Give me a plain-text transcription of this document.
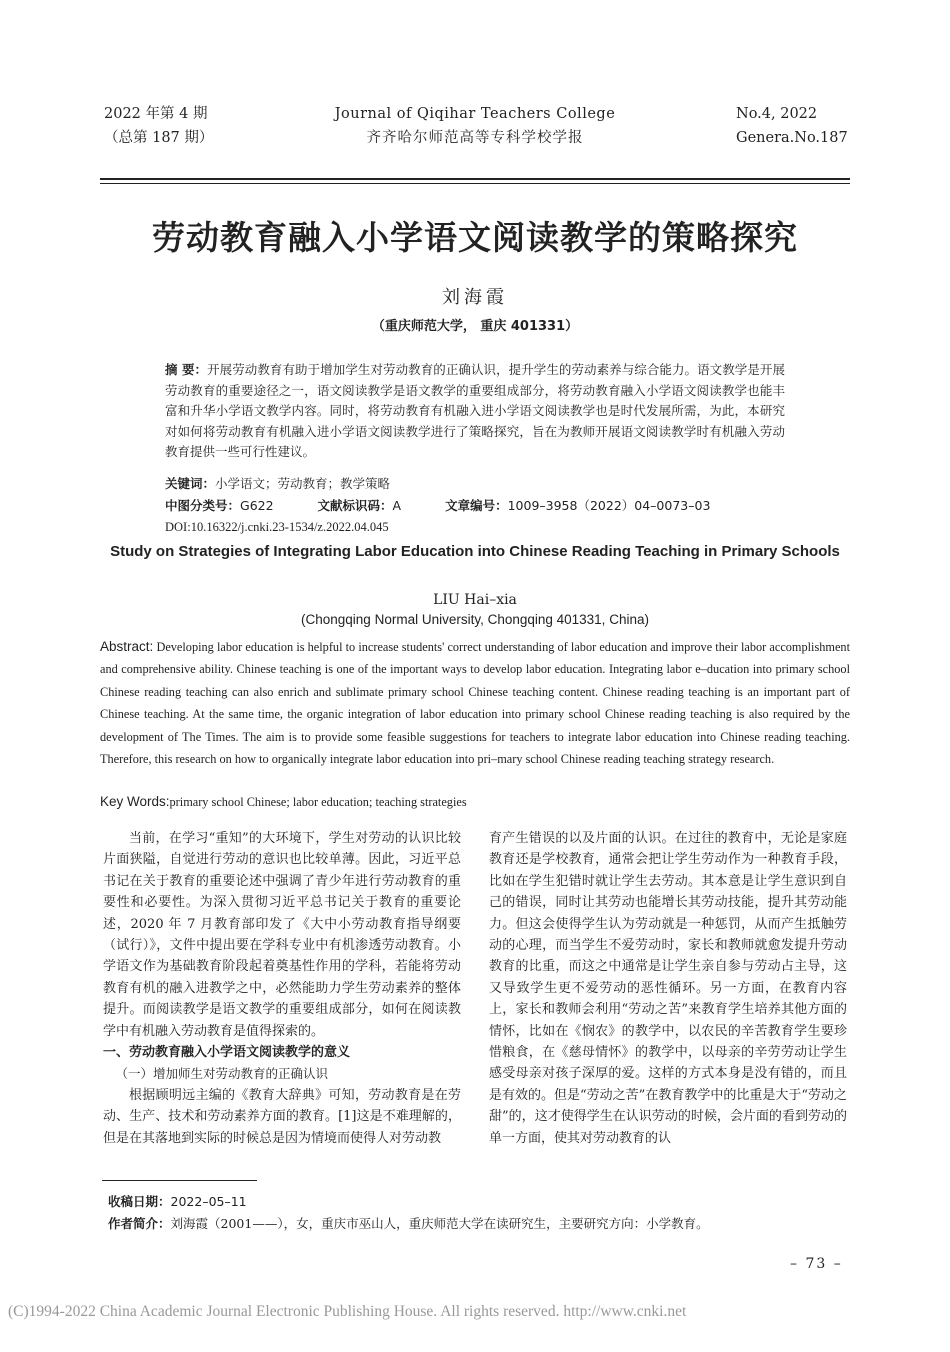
2022 年第 4 期
（总第 187 期）
Journal of Qiqihar Teachers College
齐齐哈尔师范高等专科学校学报
No.4, 2022
Genera.No.187
劳动教育融入小学语文阅读教学的策略探究
刘海霞
（重庆师范大学， 重庆 401331）
摘 要：开展劳动教育有助于增加学生对劳动教育的正确认识，提升学生的劳动素养与综合能力。语文教学是开展劳动教育的重要途径之一，语文阅读教学是语文教学的重要组成部分，将劳动教育融入小学语文阅读教学也能丰富和升华小学语文教学内容。同时，将劳动教育有机融入进小学语文阅读教学也是时代发展所需，为此，本研究对如何将劳动教育有机融入进小学语文阅读教学进行了策略探究，旨在为教师开展语文阅读教学时有机融入劳动教育提供一些可行性建议。
关键词：小学语文；劳动教育；教学策略
中图分类号：G622	文献标识码：A	文章编号：1009–3958（2022）04–0073–03
DOI:10.16322/j.cnki.23-1534/z.2022.04.045
Study on Strategies of Integrating Labor Education into Chinese Reading Teaching in Primary Schools
LIU Hai–xia
(Chongqing Normal University, Chongqing 401331, China)
Abstract: Developing labor education is helpful to increase students' correct understanding of labor education and improve their labor accomplishment and comprehensive ability. Chinese teaching is one of the important ways to develop labor education. Integrating labor e–ducation into primary school Chinese reading teaching can also enrich and sublimate primary school Chinese teaching content. Chinese reading teaching is an important part of Chinese teaching. At the same time, the organic integration of labor education into primary school Chinese reading teaching is also required by the development of The Times. The aim is to provide some feasible suggestions for teachers to integrate labor education into Chinese reading teaching. Therefore, this research on how to organically integrate labor education into pri–mary school Chinese reading teaching strategy research.
Key Words:primary school Chinese; labor education; teaching strategies

当前，在学习“重知”的大环境下，学生对劳动的认识比较片面狭隘，自觉进行劳动的意识也比较单薄。因此，习近平总书记在关于教育的重要论述中强调了青少年进行劳动教育的重要性和必要性。为深入贯彻习近平总书记关于教育的重要论述，2020 年 7 月教育部印发了《大中小劳动教育指导纲要（试行）》，文件中提出要在学科专业中有机渗透劳动教育。小学语文作为基础教育阶段起着奠基性作用的学科，若能将劳动教育有机的融入进教学之中，必然能助力学生劳动素养的整体提升。而阅读教学是语文教学的重要组成部分，如何在阅读教学中有机融入劳动教育是值得探索的。

一、劳动教育融入小学语文阅读教学的意义

（一）增加师生对劳动教育的正确认识

根据顾明远主编的《教育大辞典》可知，劳动教育是在劳动、生产、技术和劳动素养方面的教育。[1]这是不难理解的，但是在其落地到实际的时候总是因为情境而使得人对劳动教

育产生错误的以及片面的认识。在过往的教育中，无论是家庭教育还是学校教育，通常会把让学生劳动作为一种教育手段，比如在学生犯错时就让学生去劳动。其本意是让学生意识到自己的错误，同时让其劳动也能增长其劳动技能，提升其劳动能力。但这会使得学生认为劳动就是一种惩罚，从而产生抵触劳动的心理，而当学生不爱劳动时，家长和教师就愈发提升劳动教育的比重，而这之中通常是让学生亲自参与劳动占主导，这又导致学生更不爱劳动的恶性循环。另一方面，在教育内容上，家长和教师会利用“劳动之苦”来教育学生培养其他方面的情怀，比如在《悯农》的教学中，以农民的辛苦教育学生要珍惜粮食，在《慈母情怀》的教学中，以母亲的辛劳劳动让学生感受母亲对孩子深厚的爱。这样的方式本身是没有错的，而且是有效的。但是“劳动之苦”在教育教学中的比重是大于“劳动之甜”的，这才使得学生在认识劳动的时候，会片面的看到劳动的单一方面，使其对劳动教育的认

收稿日期：2022–05–11
作者简介：刘海霞（2001——），女，重庆市巫山人，重庆师范大学在读研究生，主要研究方向：小学教育。
– 73 –
(C)1994-2022 China Academic Journal Electronic Publishing House. All rights reserved. http://www.cnki.net
